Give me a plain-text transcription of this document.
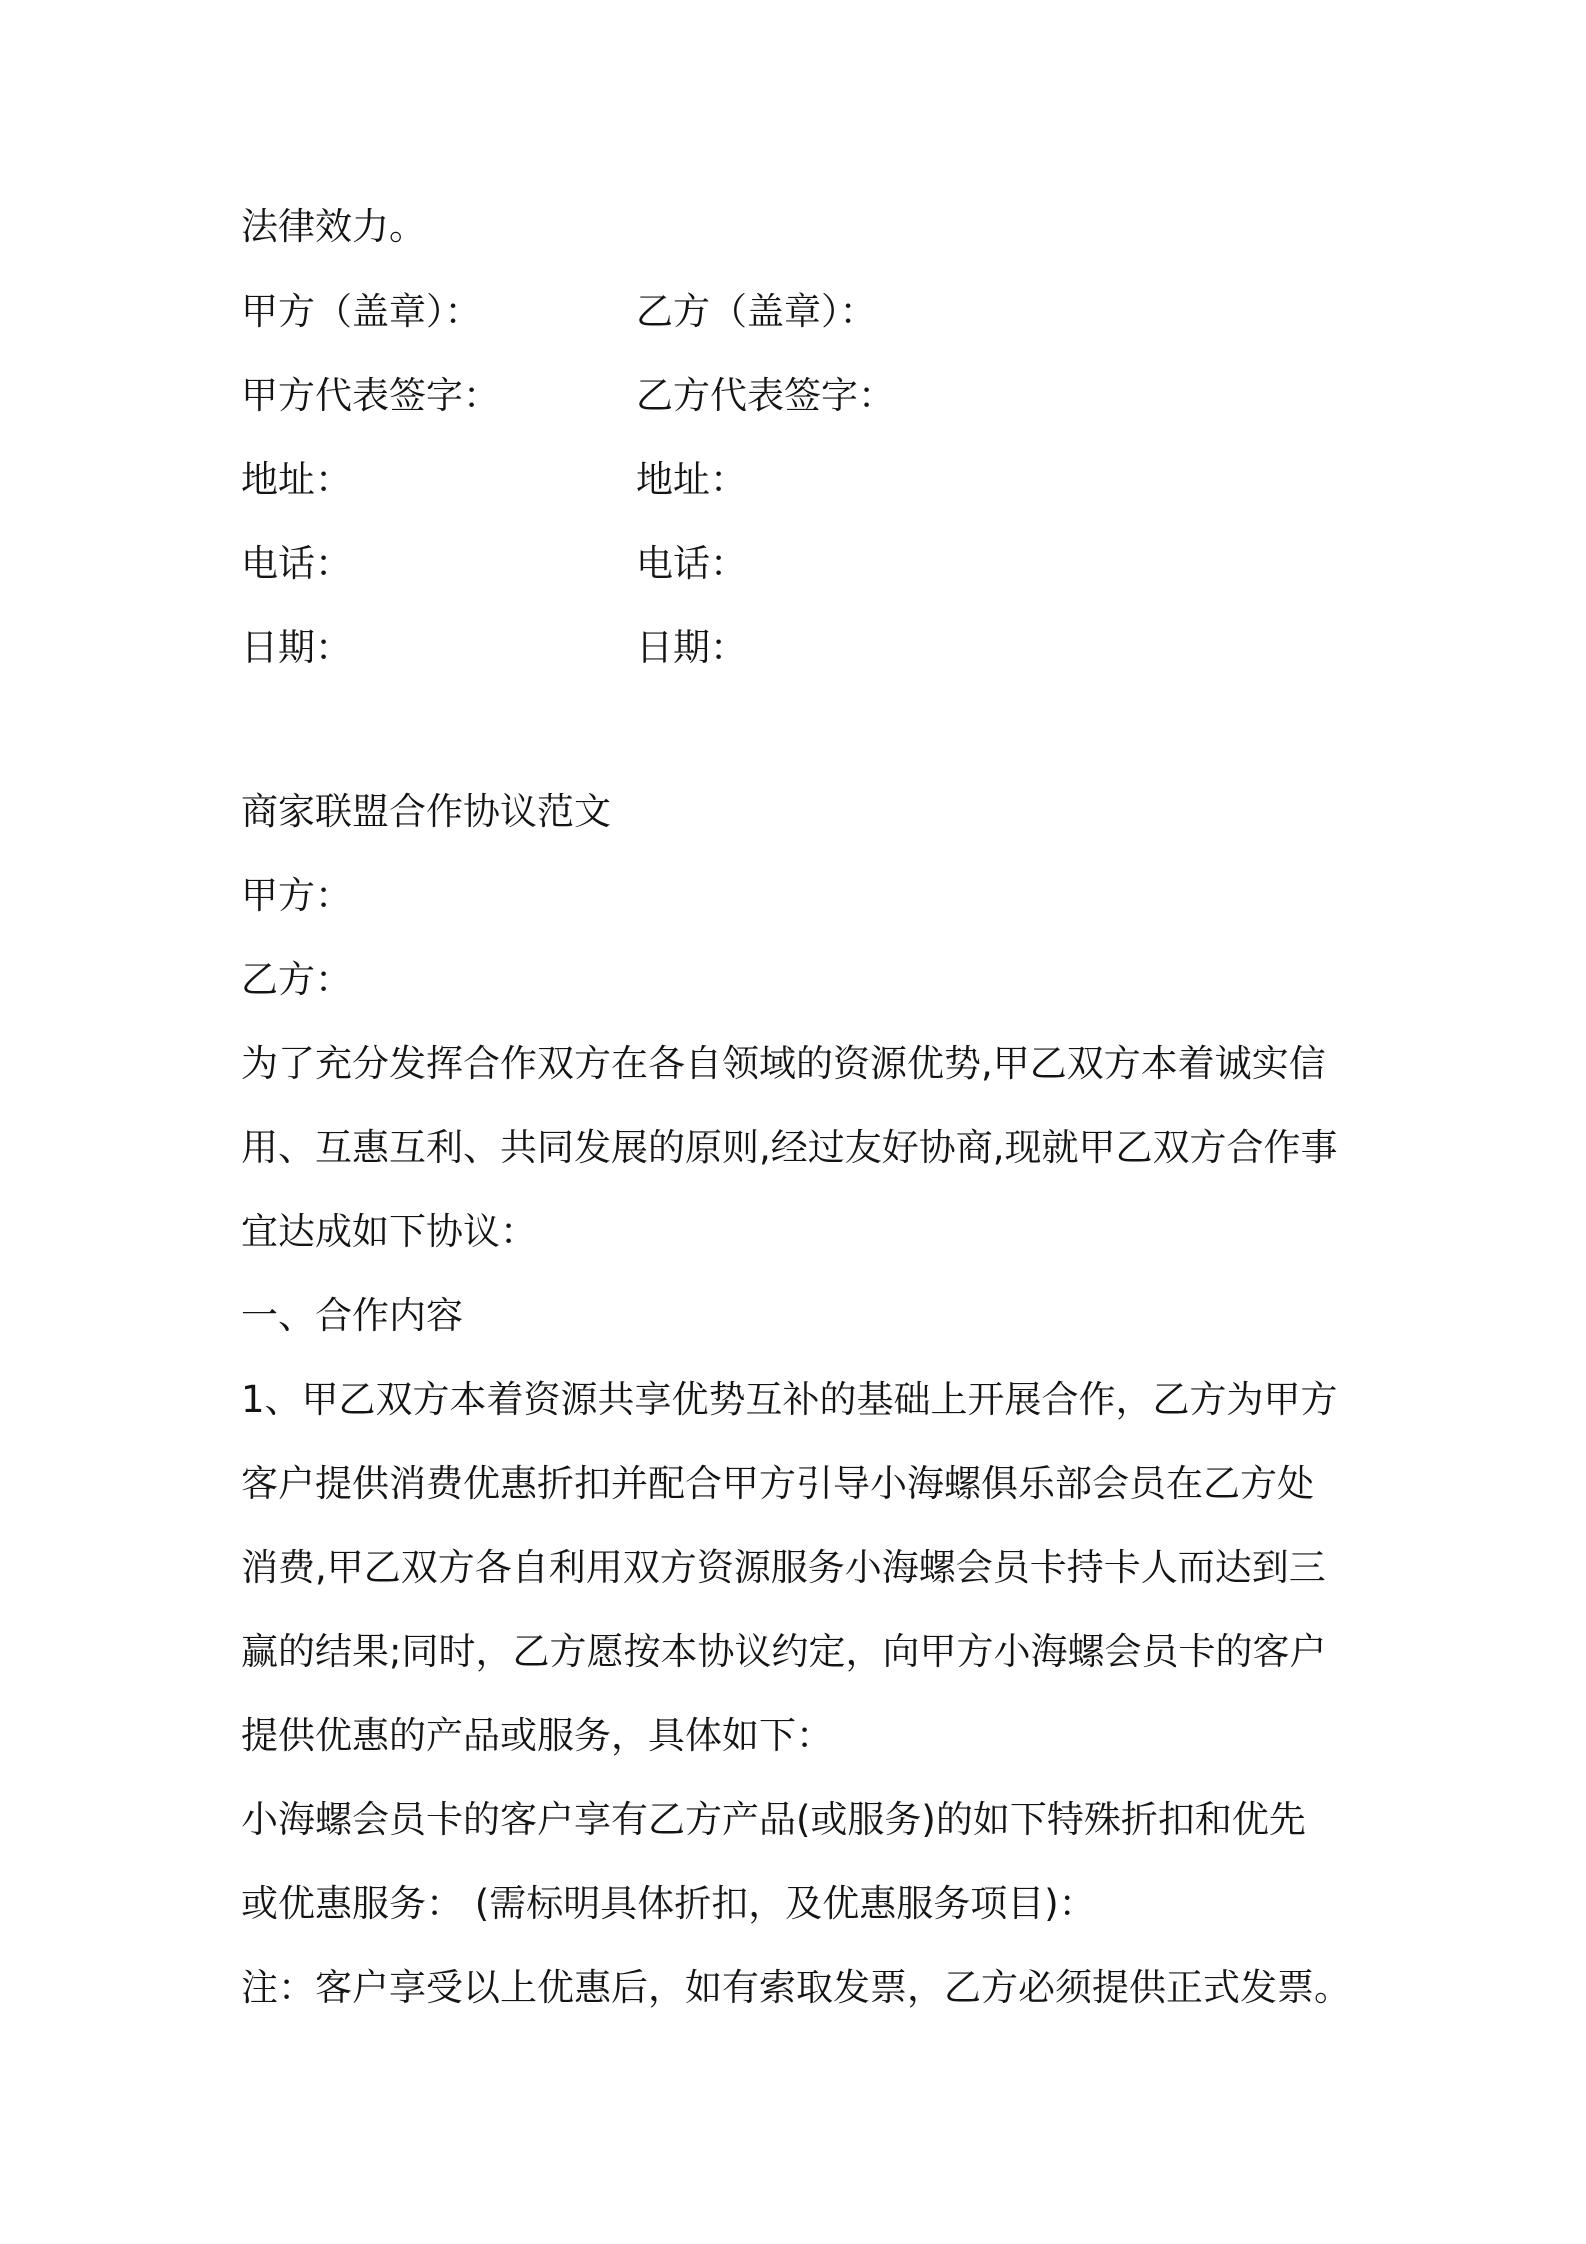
法律效力。

甲方（盖章）：	乙方（盖章）：

甲方代表签字：	乙方代表签字：

地址：	地址：

电话：	电话：

日期：	日期：

商家联盟合作协议范文

甲方：

乙方：

为了充分发挥合作双方在各自领域的资源优势,甲乙双方本着诚实信

用、互惠互利、共同发展的原则,经过友好协商,现就甲乙双方合作事

宜达成如下协议：

一、合作内容

1、甲乙双方本着资源共享优势互补的基础上开展合作，乙方为甲方

客户提供消费优惠折扣并配合甲方引导小海螺俱乐部会员在乙方处

消费,甲乙双方各自利用双方资源服务小海螺会员卡持卡人而达到三

赢的结果;同时，乙方愿按本协议约定，向甲方小海螺会员卡的客户

提供优惠的产品或服务，具体如下：

小海螺会员卡的客户享有乙方产品(或服务)的如下特殊折扣和优先

或优惠服务： (需标明具体折扣，及优惠服务项目)：

注：客户享受以上优惠后，如有索取发票，乙方必须提供正式发票。
